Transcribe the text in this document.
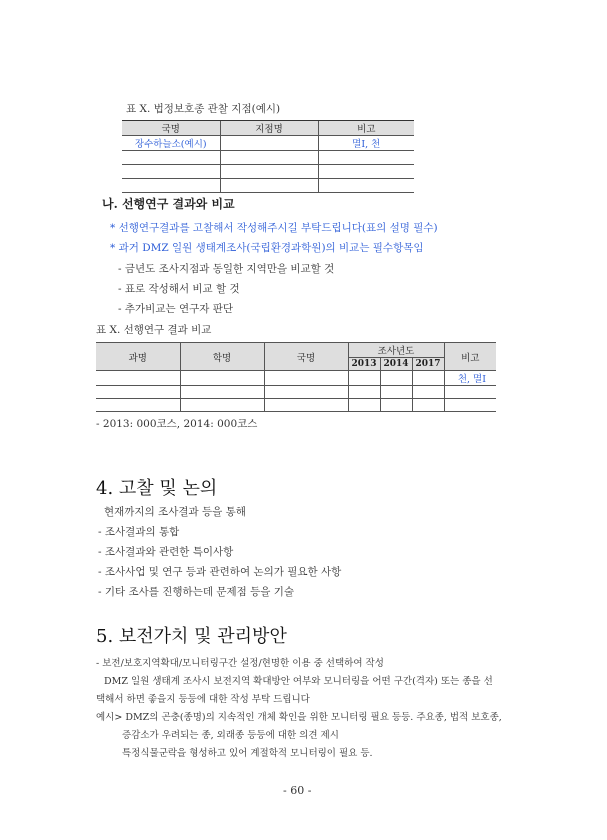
표 X. 법정보호종 관찰 지점(예시)
국명	지점명	비고
장수하늘소(예시)		멸Ⅰ, 천

나. 선행연구 결과와 비교
* 선행연구결과를 고찰해서 작성해주시길 부탁드립니다(표의 설명 필수)
* 과거 DMZ 일원 생태계조사(국립환경과학원)의 비교는 필수항목임
- 금년도 조사지점과 동일한 지역만을 비교할 것
- 표로 작성해서 비교 할 것
- 추가비교는 연구자 판단
표 X. 선행연구 결과 비교
과명	학명	국명	조사년도			비고
			2013	2014	2017	
						천, 멸Ⅰ

- 2013: 000코스, 2014: 000코스
4. 고찰 및 논의
현재까지의 조사결과 등을 통해
- 조사결과의 통합
- 조사결과와 관련한 특이사항
- 조사사업 및 연구 등과 관련하여 논의가 필요한 사항
- 기타 조사를 진행하는데 문제점 등을 기술
5. 보전가치 및 관리방안
- 보전/보호지역확대/모니터링구간 설정/현명한 이용 중 선택하여 작성
DMZ 일원 생태계 조사시 보전지역 확대방안 여부와 모니터링을 어떤 구간(격자) 또는 종을 선
택해서 하면 좋을지 등등에 대한 작성 부탁 드립니다
예시> DMZ의 곤충(종명)의 지속적인 개체 확인을 위한 모니터링 필요 등등. 주요종, 법적 보호종,
증감소가 우려되는 종, 외래종 등등에 대한 의견 제시
특정식물군락을 형성하고 있어 계절학적 모니터링이 필요 등.
- 60 -
